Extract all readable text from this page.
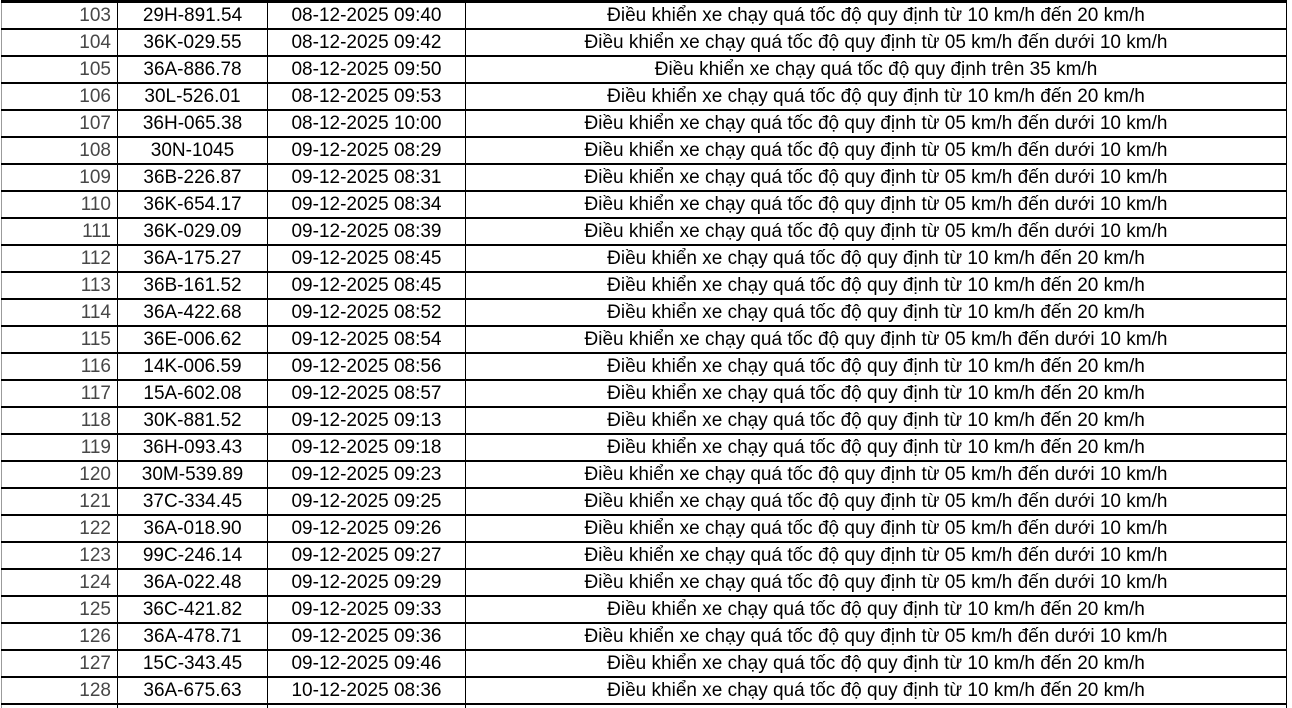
103	29H-891.54	08-12-2025 09:40	Điều khiển xe chạy quá tốc độ quy định từ 10 km/h đến 20 km/h
104	36K-029.55	08-12-2025 09:42	Điều khiển xe chạy quá tốc độ quy định từ 05 km/h đến dưới 10 km/h
105	36A-886.78	08-12-2025 09:50	Điều khiển xe chạy quá tốc độ quy định trên 35 km/h
106	30L-526.01	08-12-2025 09:53	Điều khiển xe chạy quá tốc độ quy định từ 10 km/h đến 20 km/h
107	36H-065.38	08-12-2025 10:00	Điều khiển xe chạy quá tốc độ quy định từ 05 km/h đến dưới 10 km/h
108	30N-1045	09-12-2025 08:29	Điều khiển xe chạy quá tốc độ quy định từ 05 km/h đến dưới 10 km/h
109	36B-226.87	09-12-2025 08:31	Điều khiển xe chạy quá tốc độ quy định từ 05 km/h đến dưới 10 km/h
110	36K-654.17	09-12-2025 08:34	Điều khiển xe chạy quá tốc độ quy định từ 05 km/h đến dưới 10 km/h
111	36K-029.09	09-12-2025 08:39	Điều khiển xe chạy quá tốc độ quy định từ 05 km/h đến dưới 10 km/h
112	36A-175.27	09-12-2025 08:45	Điều khiển xe chạy quá tốc độ quy định từ 10 km/h đến 20 km/h
113	36B-161.52	09-12-2025 08:45	Điều khiển xe chạy quá tốc độ quy định từ 10 km/h đến 20 km/h
114	36A-422.68	09-12-2025 08:52	Điều khiển xe chạy quá tốc độ quy định từ 10 km/h đến 20 km/h
115	36E-006.62	09-12-2025 08:54	Điều khiển xe chạy quá tốc độ quy định từ 05 km/h đến dưới 10 km/h
116	14K-006.59	09-12-2025 08:56	Điều khiển xe chạy quá tốc độ quy định từ 10 km/h đến 20 km/h
117	15A-602.08	09-12-2025 08:57	Điều khiển xe chạy quá tốc độ quy định từ 10 km/h đến 20 km/h
118	30K-881.52	09-12-2025 09:13	Điều khiển xe chạy quá tốc độ quy định từ 10 km/h đến 20 km/h
119	36H-093.43	09-12-2025 09:18	Điều khiển xe chạy quá tốc độ quy định từ 10 km/h đến 20 km/h
120	30M-539.89	09-12-2025 09:23	Điều khiển xe chạy quá tốc độ quy định từ 05 km/h đến dưới 10 km/h
121	37C-334.45	09-12-2025 09:25	Điều khiển xe chạy quá tốc độ quy định từ 05 km/h đến dưới 10 km/h
122	36A-018.90	09-12-2025 09:26	Điều khiển xe chạy quá tốc độ quy định từ 05 km/h đến dưới 10 km/h
123	99C-246.14	09-12-2025 09:27	Điều khiển xe chạy quá tốc độ quy định từ 05 km/h đến dưới 10 km/h
124	36A-022.48	09-12-2025 09:29	Điều khiển xe chạy quá tốc độ quy định từ 05 km/h đến dưới 10 km/h
125	36C-421.82	09-12-2025 09:33	Điều khiển xe chạy quá tốc độ quy định từ 10 km/h đến 20 km/h
126	36A-478.71	09-12-2025 09:36	Điều khiển xe chạy quá tốc độ quy định từ 05 km/h đến dưới 10 km/h
127	15C-343.45	09-12-2025 09:46	Điều khiển xe chạy quá tốc độ quy định từ 10 km/h đến 20 km/h
128	36A-675.63	10-12-2025 08:36	Điều khiển xe chạy quá tốc độ quy định từ 10 km/h đến 20 km/h
